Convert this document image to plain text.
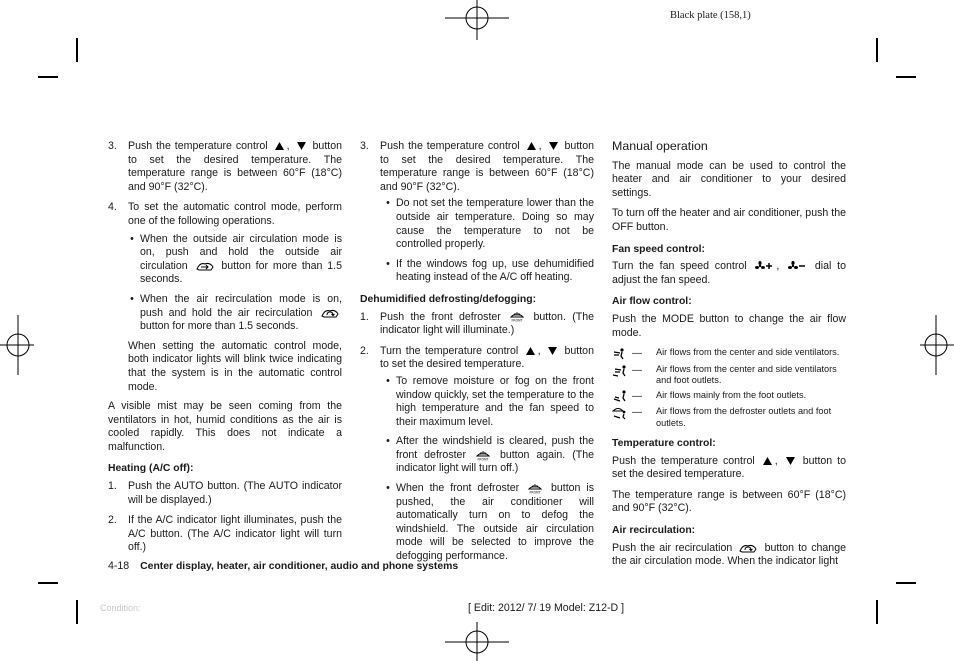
Black plate (158,1)
3.	Push the temperature control , button to set the desired temperature. The temperature range is between 60°F (18°C) and 90°F (32°C).
4.	To set the automatic control mode, perform one of the following operations.
• When the outside air circulation mode is on, push and hold the outside air circulation	button for more than 1.5 seconds.
• When the air recirculation mode is on, push and hold the air recirculation  button for more than 1.5 seconds.
When setting the automatic control mode, both indicator lights will blink twice indicating that the system is in the automatic control mode.

A visible mist may be seen coming from the ventilators in hot, humid conditions as the air is cooled rapidly. This does not indicate a malfunction.

Heating (A/C off):
1.	Push the AUTO button. (The AUTO indicator will be displayed.)
2.	If the A/C indicator light illuminates, push the A/C button. (The A/C indicator light will turn off.)
3.	Push the temperature control , button to set the desired temperature. The temperature range is between 60°F (18°C) and 90°F (32°C).
• Do not set the temperature lower than the outside air temperature. Doing so may cause the temperature to not be controlled properly.
• If the windows fog up, use dehumidified heating instead of the A/C off heating.
Dehumidified defrosting/defogging:
1.	Push the front defroster	FRONT button. (The indicator light will illuminate.)
2.	Turn the temperature control , button to set the desired temperature.
• To remove moisture or fog on the front window quickly, set the temperature to the high temperature and the fan speed to their maximum level.
• After the windshield is cleared, push the front defroster	FRONT button again. (The indicator light will turn off.)
• When the front defroster	FRONT button is pushed, the air conditioner will automatically turn on to defog the windshield. The outside air circulation mode will be selected to improve the defogging performance.
Manual operation

The manual mode can be used to control the heater and air conditioner to your desired settings.

To turn off the heater and air conditioner, push the OFF button.

Fan speed control:

Turn the fan speed control	,	dial to adjust the fan speed.

Air flow control:

Push the MODE button to change the air flow mode.

— Air flows from the center and side ventilators.
— Air flows from the center and side ventilators and foot outlets.
— Air flows mainly from the foot outlets.
— Air flows from the defroster outlets and foot outlets.
Temperature control:

Push the temperature control , button to set the desired temperature.

The temperature range is between 60°F (18°C) and 90°F (32°C).

Air recirculation:

Push the air recirculation	button to change the air circulation mode. When the indicator light

4-18 Center display, heater, air conditioner, audio and phone systems
Condition:	[ Edit: 2012/ 7/ 19 Model: Z12-D ]
